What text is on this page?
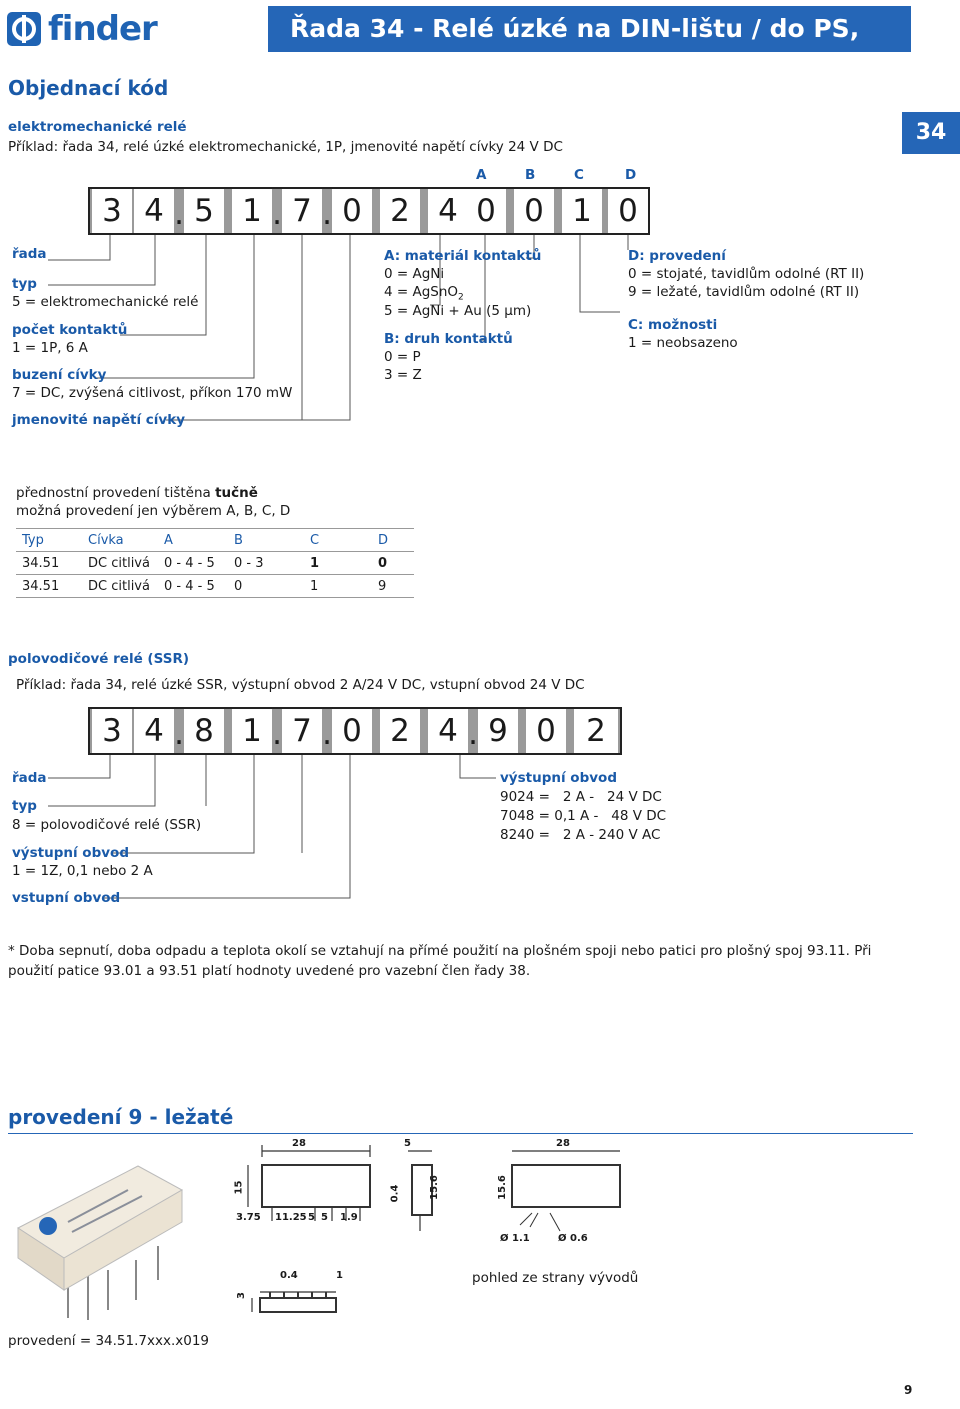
finder	Řada 34 - Relé úzké na DIN-lištu / do PS, 0,1 - 2 - 6 A
Objednací kód
34
elektromechanické relé
Příklad: řada 34, relé úzké elektromechanické, 1P, jmenovité napětí cívky 24 V DC
A	B	C	D
3 4 . 5 1 . 7 . 0 2 4 0 0 1 0
řada
typ
5 = elektromechanické relé
počet kontaktů
1 = 1P, 6 A
buzení cívky
7 = DC, zvýšená citlivost, příkon 170 mW
jmenovité napětí cívky
A: materiál kontaktů
0 = AgNi
4 = AgSnO$_2$
5 = AgNi + Au (5 μm)
B: druh kontaktů
0 = P
3 = Z
D: provedení
0 = stojaté, tavidlům odolné (RT II)
9 = ležaté, tavidlům odolné (RT II)
C: možnosti
1 = neobsazeno
přednostní provedení tištěna tučně
možná provedení jen výběrem A, B, C, D
Typ	Cívka	A	B	C	D
34.51	DC citlivá	0 - 4 - 5	0 - 3	1	0
34.51	DC citlivá	0 - 4 - 5	0	1	9
polovodičové relé (SSR)
Příklad: řada 34, relé úzké SSR, výstupní obvod 2 A/24 V DC, vstupní obvod 24 V DC
3 4 . 8 1 . 7 . 0 2 4 . 9 0 2
řada
typ
8 = polovodičové relé (SSR)
výstupní obvod
1 = 1Z, 0,1 nebo 2 A
vstupní obvod
výstupní obvod
9024 =   2 A -   24 V DC
7048 = 0,1 A -   48 V DC
8240 =   2 A - 240 V AC
* Doba sepnutí, doba odpadu a teplota okolí se vztahují na přímé použití na plošném spoji nebo patici pro plošný spoj 93.11. Při použití patice 93.01 a 93.51 platí hodnoty uvedené pro vazební člen řady 38.
provedení 9 - ležaté
28	5	28
15	0.4	15.6	15.6
3.75 11.25 5 5 1.9
Ø 1.1	Ø 0.6
0.4	1
3
pohled ze strany vývodů
provedení = 34.51.7xxx.x019
9
